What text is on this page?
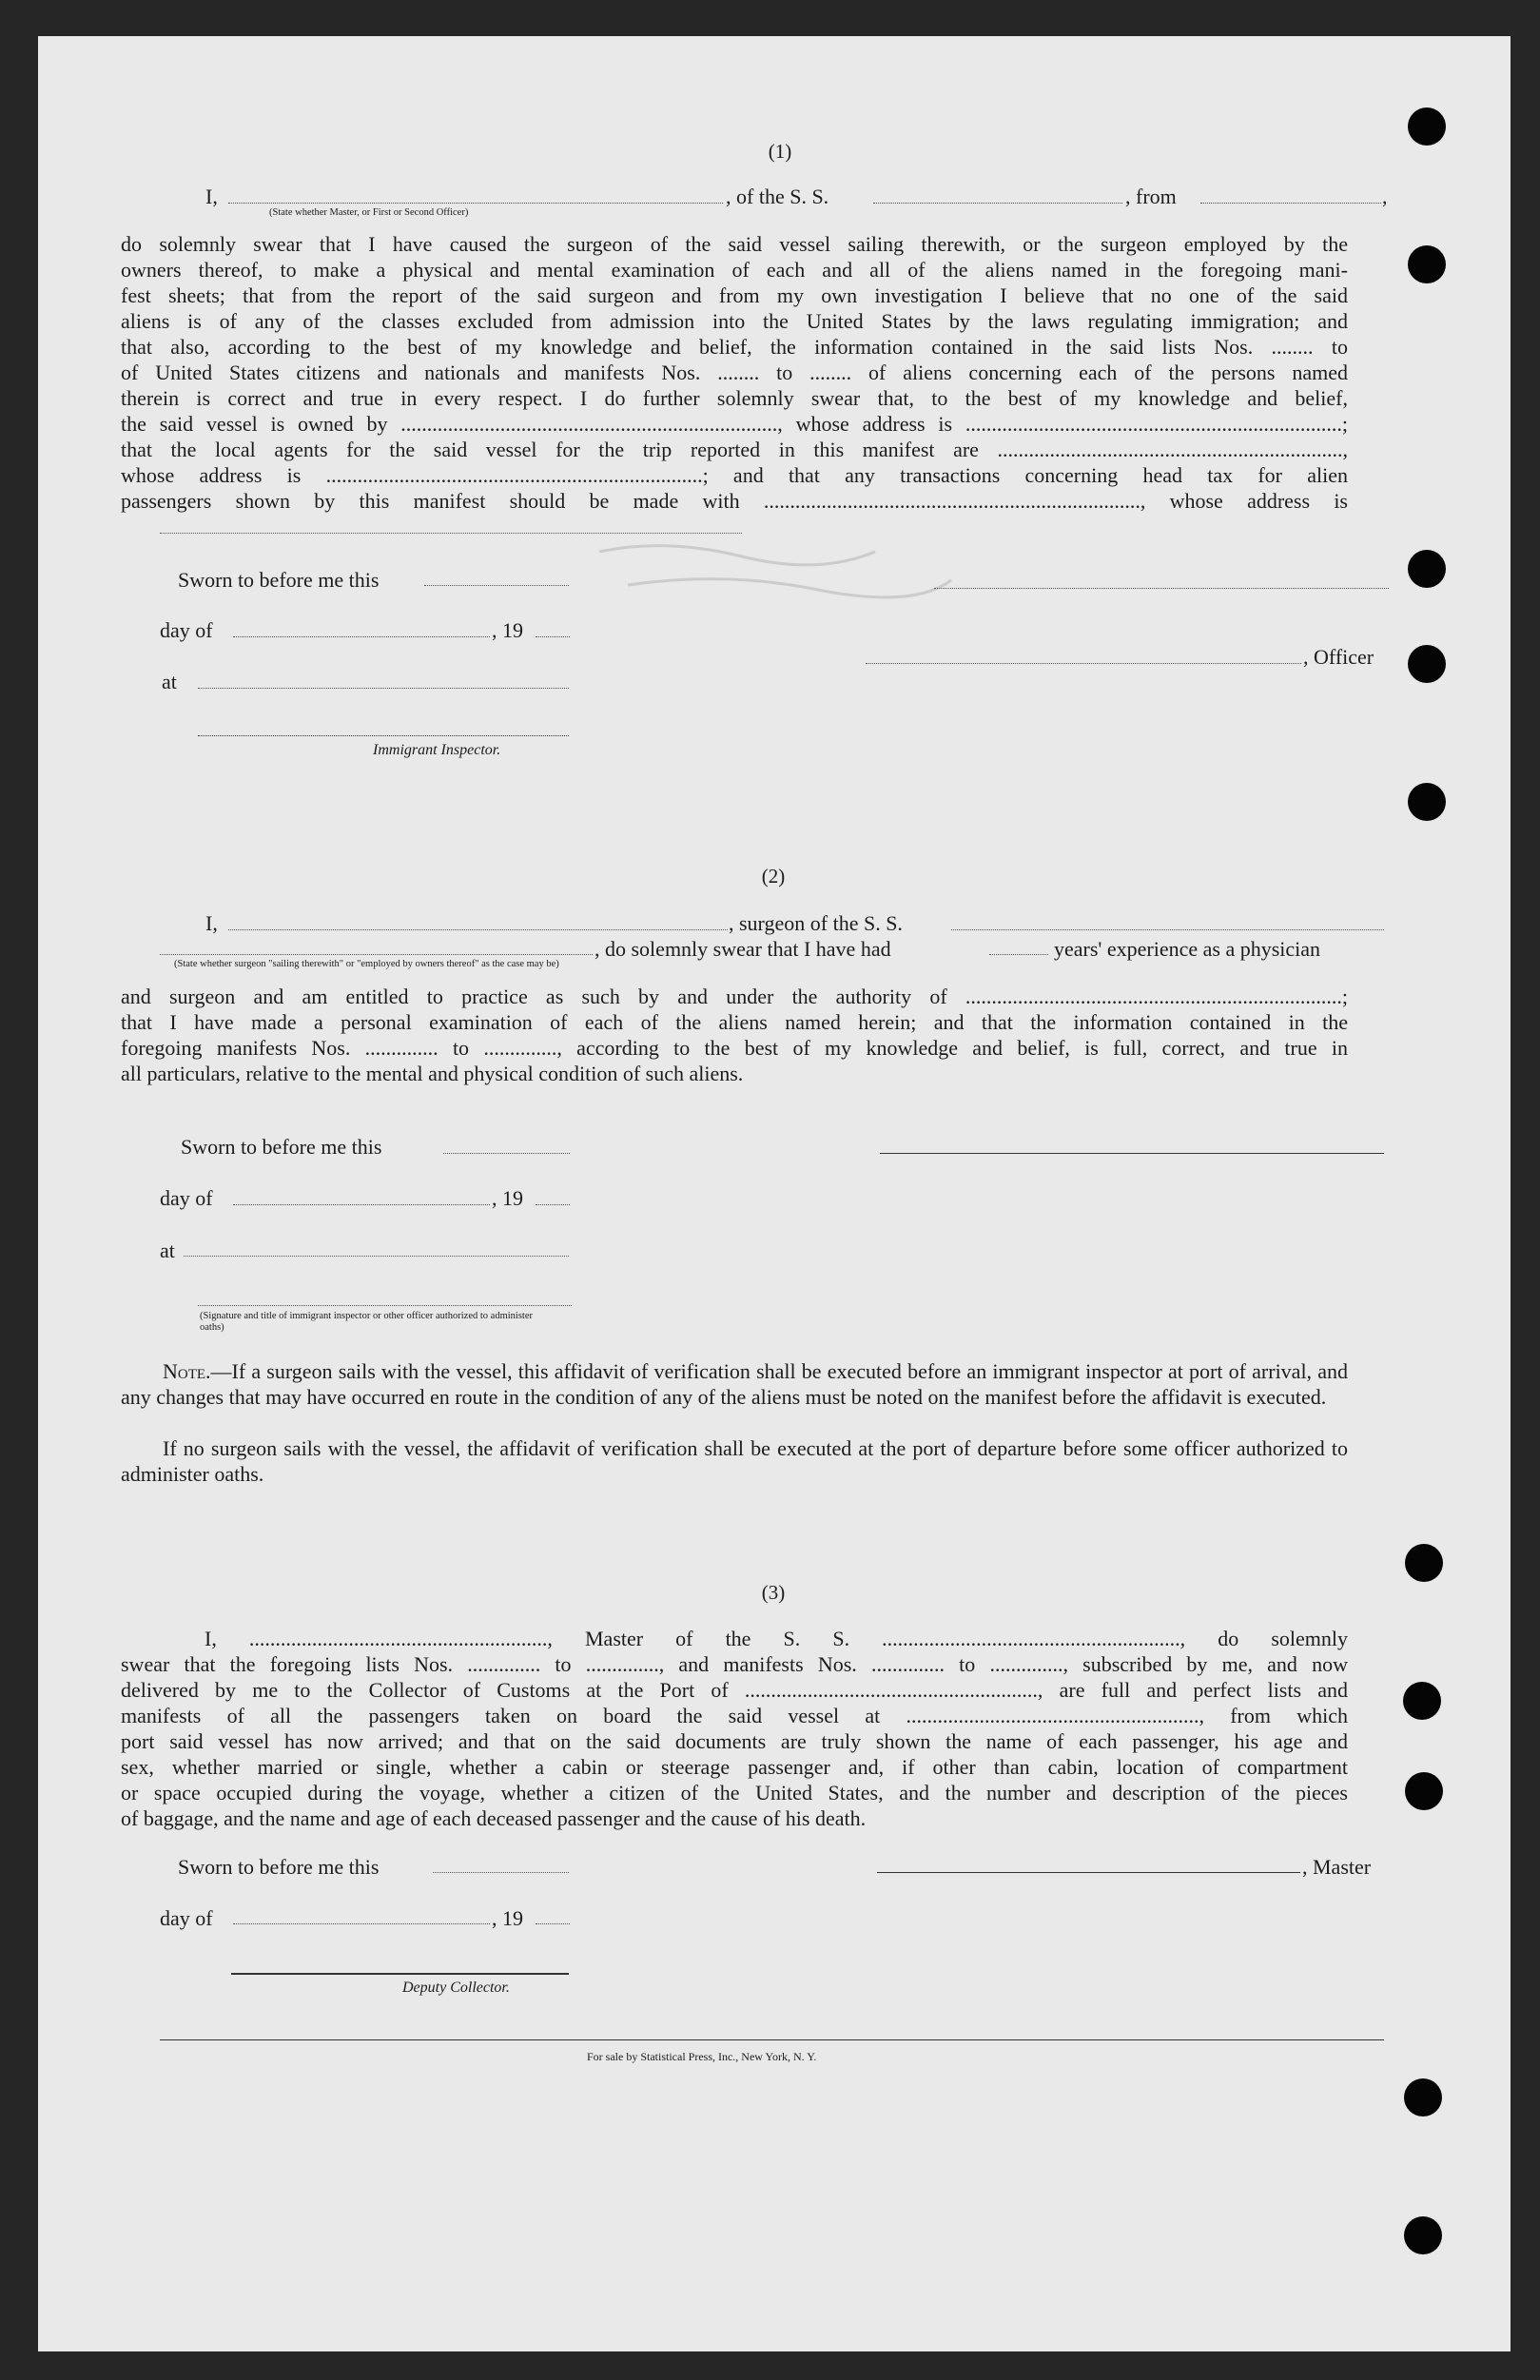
(1)
I,
(State whether Master, or First or Second Officer)
, of the S. S.	, from	,
do solemnly swear that I have caused the surgeon of the said vessel sailing therewith, or the surgeon employed by the
owners thereof, to make a physical and mental examination of each and all of the aliens named in the foregoing mani-
fest sheets; that from the report of the said surgeon and from my own investigation I believe that no one of the said
aliens is of any of the classes excluded from admission into the United States by the laws regulating immigration; and
that also, according to the best of my knowledge and belief, the information contained in the said lists Nos. ........ to
of United States citizens and nationals and manifests Nos. ........ to ........ of aliens concerning each of the persons named
therein is correct and true in every respect. I do further solemnly swear that, to the best of my knowledge and belief,
the said vessel is owned by ........................................................................, whose address is ........................................................................;
that the local agents for the said vessel for the trip reported in this manifest are ..................................................................,
whose address is ........................................................................; and that any transactions concerning head tax for alien
passengers shown by this manifest should be made with ........................................................................, whose address is
Sworn to before me this
day of	, 19
, Officer
at
Immigrant Inspector.
(2)
I,	, surgeon of the S. S.
, do solemnly swear that I have had	years' experience as a physician
(State whether surgeon "sailing therewith" or "employed by owners thereof" as the case may be)
and surgeon and am entitled to practice as such by and under the authority of ........................................................................;
that I have made a personal examination of each of the aliens named herein; and that the information contained in the
foregoing manifests Nos. .............. to .............., according to the best of my knowledge and belief, is full, correct, and true in
all particulars, relative to the mental and physical condition of such aliens.
Sworn to before me this
day of	, 19
at
(Signature and title of immigrant inspector or other officer authorized to administer oaths)
Note.—If a surgeon sails with the vessel, this affidavit of verification shall be executed before an immigrant inspector at port of arrival, and any changes that may have occurred en route in the condition of any of the aliens must be noted on the manifest before the affidavit is executed.
If no surgeon sails with the vessel, the affidavit of verification shall be executed at the port of departure before some officer authorized to administer oaths.
(3)
I, ........................................................., Master of the S. S. ........................................................., do solemnly
swear that the foregoing lists Nos. .............. to .............., and manifests Nos. .............. to .............., subscribed by me, and now
delivered by me to the Collector of Customs at the Port of ........................................................, are full and perfect lists and
manifests of all the passengers taken on board the said vessel at ........................................................, from which
port said vessel has now arrived; and that on the said documents are truly shown the name of each passenger, his age and
sex, whether married or single, whether a cabin or steerage passenger and, if other than cabin, location of compartment
or space occupied during the voyage, whether a citizen of the United States, and the number and description of the pieces
of baggage, and the name and age of each deceased passenger and the cause of his death.
Sworn to before me this	, Master
day of	, 19
Deputy Collector.
For sale by Statistical Press, Inc., New York, N. Y.
